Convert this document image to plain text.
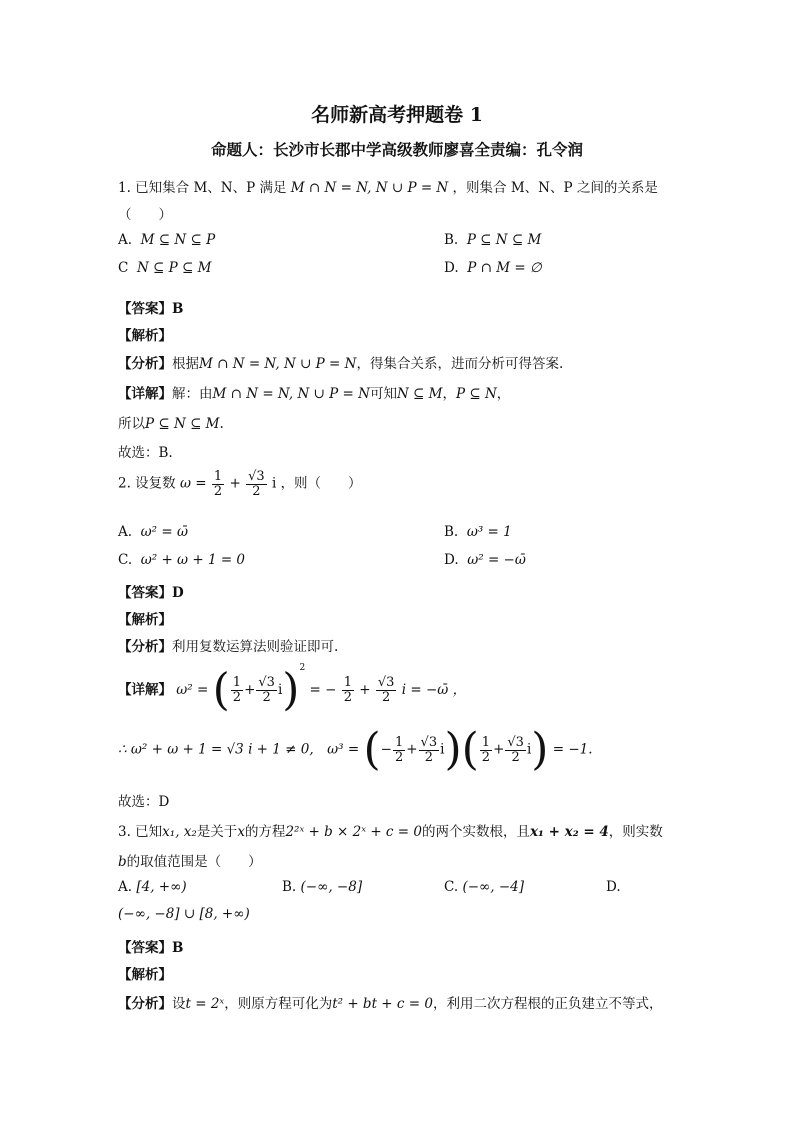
名师新高考押题卷 1
命题人：长沙市长郡中学高级教师廖喜全责编：孔令润
1. 已知集合 M、N、P 满足 M ∩ N = N, N ∪ P = N ，则集合 M、N、P 之间的关系是
（　　）
A. M ⊆ N ⊆ P	B. P ⊆ N ⊆ M
C N ⊆ P ⊆ M	D. P ∩ M = ∅
【答案】B
【解析】
【分析】根据M ∩ N = N, N ∪ P = N，得集合关系，进而分析可得答案.
【详解】解：由M ∩ N = N, N ∪ P = N可知N ⊆ M，P ⊆ N，
所以P ⊆ N ⊆ M.
故选：B.
2. 设复数 $\omega = \frac{1}{2} + \frac{√3}{2}$ i ，则（　　）
A. ω² = ω̄	B. ω³ = 1
C. ω² + ω + 1 = 0	D. ω² = −ω̄
【答案】D
【解析】
【分析】利用复数运算法则验证即可.
【详解】 ω² = ( $\frac{1}{2} + \frac{√3}{2} i)^2$ = − $\frac{1}{2} + \frac{√3}{2}$ i = −ω̄ ，
∴ ω² + ω + 1 = √3 i + 1 ≠ 0,　ω³ = (− $\frac{1}{2} + \frac{√3}{2} i)( \frac{1}{2} + \frac{√3}{2} i) = -1$.
故选：D
3. 已知x₁, x₂是关于x的方程2²ˣ + b × 2ˣ + c = 0的两个实数根，且x₁ + x₂ = 4，则实数
b的取值范围是（　　）
A. [4, +∞)	B. (−∞, −8]	C. (−∞, −4]	D.
(−∞, −8] ∪ [8, +∞)
【答案】B
【解析】
【分析】设t = 2ˣ，则原方程可化为t² + bt + c = 0，利用二次方程根的正负建立不等式，
